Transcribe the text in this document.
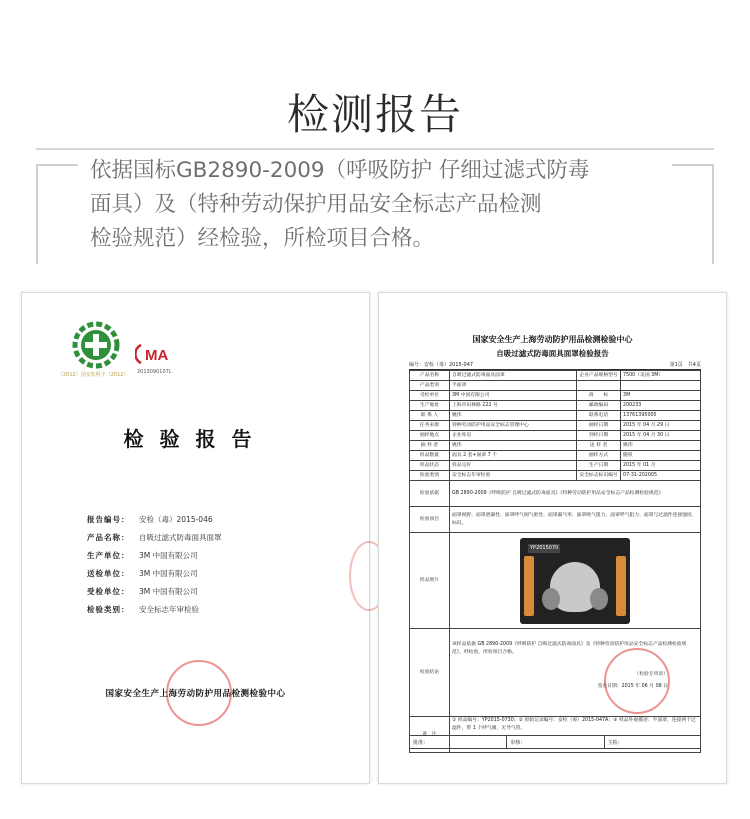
检测报告
依据国标GB2890-2009（呼吸防护 仔细过滤式防毒
面具）及（特种劳动保护用品安全标志产品检测
检验规范）经检验，所检项目合格。
（2012）国安监科字（2012）
MA
2013090107L
检验报告
报告编号：	安检（毒）2015-046
产品名称：	自吸过滤式防毒面具面罩
生产单位：	3M 中国有限公司
送检单位：	3M 中国有限公司
受检单位：	3M 中国有限公司
检验类别：	安全标志年审检验
国家安全生产上海劳动防护用品检测检验中心
国家安全生产上海劳动防护用品检测检验中心
自吸过滤式防毒面具面罩检验报告
编号：安检（毒）2015-047	第1页　共4页
产品名称	自吸过滤式防毒面具面罩	企业产品规格型号	7500（美国 3M）
产品类别	半面罩		
受检单位	3M 中国有限公司	商　　标	3M
生产地址	上海市田林路 222 号	邮政编码	200233
联 系 人	姚伟	联系电话	13761395005
任务来源	特种劳动防护用品安全标志管理中心	抽样日期	2015 年 04 月 29 日
抽样地点	企业库房	到样日期	2015 年 04 月 30 日
抽 样 者	姚伟	送 样 者	姚伟
样品数量	面具 2 套+面罩 7 个	抽样方式	随机
样品状态	样品完好	生产日期	2015 年 01 月
检验类别	安全标志年审检验	安全标志标识编号	07-31-202005
检验依据	GB 2890-2009《呼吸防护 自吸过滤式防毒面具》《特种劳动防护用品安全标志产品检测检验规范》		
检验项目	面罩视野、面罩泄漏性、面罩呼气阀气密性、面罩漏气率、面罩吸气阻力、面罩呼气阻力、面罩与过滤件连接强度、标识。		
样品照片	YP2015070		

检验结论	该样品依据 GB 2890-2009《呼吸防护 自吸过滤式防毒面具》及《特种劳动防护用品安全标志产品检测检验规范》，经检验，所检项目合格。
（检验专用章）
签发日期：2015 年 06 月 08 日		

备　注	① 样品编号：YP2015-0730；② 原始记录编号：安检（毒）2015-047A；③ 样品外观描述：半面罩，连接两个过滤件，带 1 个呼气阀，无导气管。		
批准：	审核：	主检：
